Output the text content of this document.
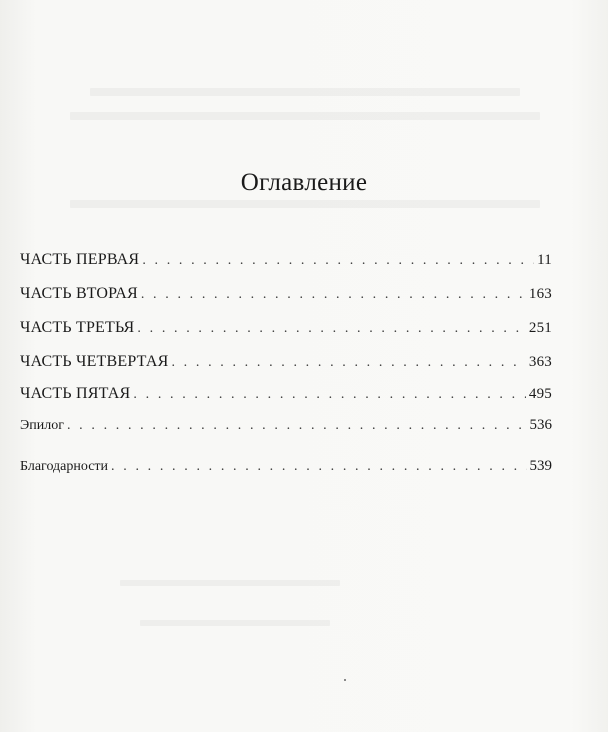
Оглавление
ЧАСТЬ ПЕРВАЯ . . .	11
ЧАСТЬ ВТОРАЯ . . .	163
ЧАСТЬ ТРЕТЬЯ . . .	251
ЧАСТЬ ЧЕТВЕРТАЯ . . .	363
ЧАСТЬ ПЯТАЯ . . .	495
Эпилог . . .	536
Благодарности . . .	539
